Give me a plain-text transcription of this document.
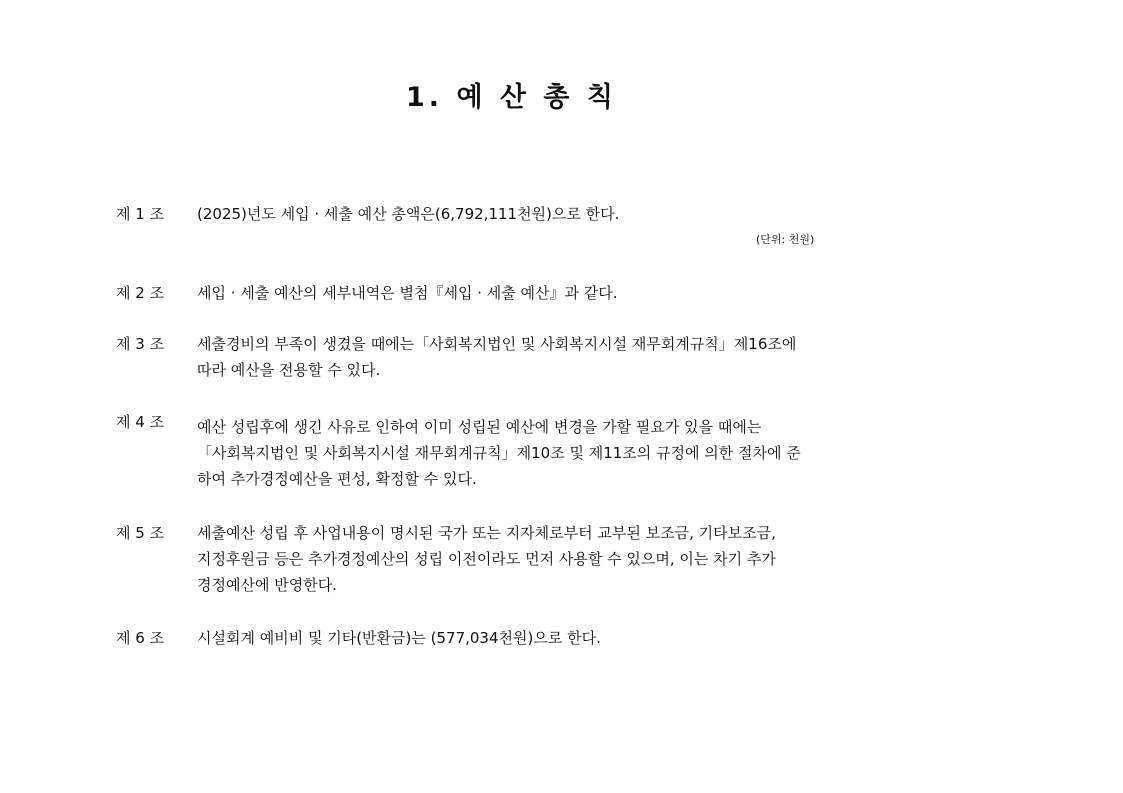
1. 예 산 총 칙
제 1 조	(2025)년도 세입 · 세출 예산 총액은(6,792,111천원)으로 한다.

(단위: 천원)
제 2 조	세입 · 세출 예산의 세부내역은 별첨『세입 · 세출 예산』과 같다.

제 3 조	세출경비의 부족이 생겼을 때에는「사회복지법인 및 사회복지시설 재무회계규칙」제16조에

따라 예산을 전용할 수 있다.

제 4 조	예산 성립후에 생긴 사유로 인하여 이미 성립된 예산에 변경을 가할 필요가 있을 때에는

「사회복지법인 및 사회복지시설 재무회계규칙」제10조 및 제11조의 규정에 의한 절차에 준

하여 추가경정예산을 편성, 확정할 수 있다.

제 5 조	세출예산 성립 후 사업내용이 명시된 국가 또는 지자체로부터 교부된 보조금, 기타보조금,

지정후원금 등은 추가경정예산의 성립 이전이라도 먼저 사용할 수 있으며, 이는 차기 추가

경정예산에 반영한다.

제 6 조	시설회계 예비비 및 기타(반환금)는 (577,034천원)으로 한다.
